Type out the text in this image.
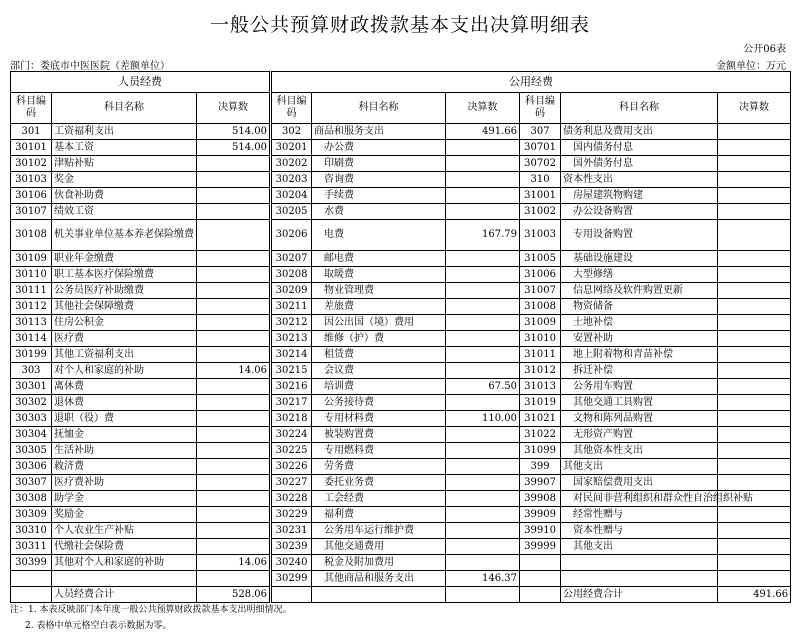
一般公共预算财政拨款基本支出决算明细表
公开06表
部门：娄底市中医医院（差额单位）	金额单位：万元
人员经费			公用经费					
科目编码	科目名称	决算数	科目编码	科目名称	决算数	科目编码	科目名称	决算数
301	工资福利支出	514.00	302	商品和服务支出	491.66	307	债务利息及费用支出	
30101	基本工资	514.00	30201	办公费		30701	国内债务付息	
30102	津贴补贴		30202	印刷费		30702	国外债务付息	
30103	奖金		30203	咨询费		310	资本性支出	
30106	伙食补助费		30204	手续费		31001	房屋建筑物购建	
30107	绩效工资		30205	水费		31002	办公设备购置	
30108	机关事业单位基本养老保险缴费		30206	电费	167.79	31003	专用设备购置	
30109	职业年金缴费		30207	邮电费		31005	基础设施建设	
30110	职工基本医疗保险缴费		30208	取暖费		31006	大型修缮	
30111	公务员医疗补助缴费		30209	物业管理费		31007	信息网络及软件购置更新	
30112	其他社会保障缴费		30211	差旅费		31008	物资储备	
30113	住房公积金		30212	因公出国（境）费用		31009	土地补偿	
30114	医疗费		30213	维修（护）费		31010	安置补助	
30199	其他工资福利支出		30214	租赁费		31011	地上附着物和青苗补偿	
303	对个人和家庭的补助	14.06	30215	会议费		31012	拆迁补偿	
30301	离休费		30216	培训费	67.50	31013	公务用车购置	
30302	退休费		30217	公务接待费		31019	其他交通工具购置	
30303	退职（役）费		30218	专用材料费	110.00	31021	文物和陈列品购置	
30304	抚恤金		30224	被装购置费		31022	无形资产购置	
30305	生活补助		30225	专用燃料费		31099	其他资本性支出	
30306	救济费		30226	劳务费		399	其他支出	
30307	医疗费补助		30227	委托业务费		39907	国家赔偿费用支出	
30308	助学金		30228	工会经费		39908	对民间非营利组织和群众性自治组织补贴	
30309	奖励金		30229	福利费		39909	经常性赠与	
30310	个人农业生产补贴		30231	公务用车运行维护费		39910	资本性赠与	
30311	代缴社会保险费		30239	其他交通费用		39999	其他支出	
30399	其他对个人和家庭的补助	14.06	30240	税金及附加费用				
			30299	其他商品和服务支出	146.37			
	人员经费合计	528.06					公用经费合计	491.66
注：1. 本表反映部门本年度一般公共预算财政拨款基本支出明细情况。
2. 表格中单元格空白表示数据为零。
